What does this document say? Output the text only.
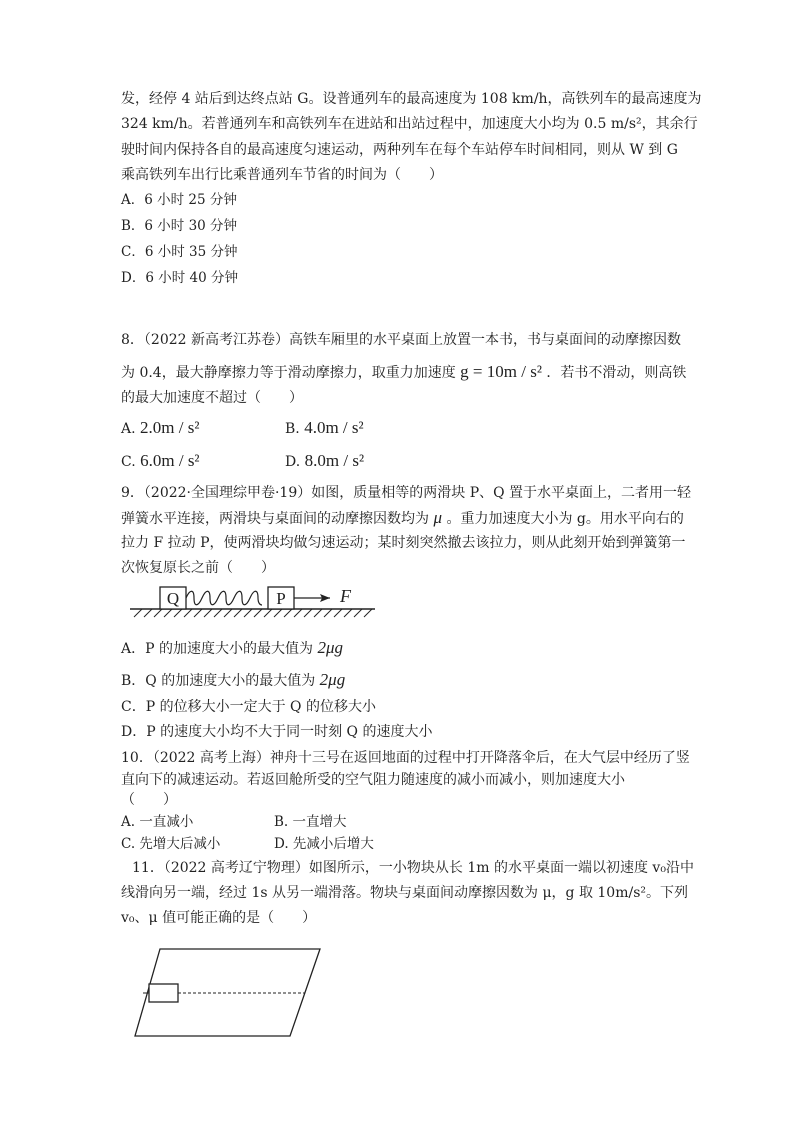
发，经停 4 站后到达终点站 G。设普通列车的最高速度为 108 km/h，高铁列车的最高速度为
324 km/h。若普通列车和高铁列车在进站和出站过程中，加速度大小均为 0.5 m/s²，其余行
驶时间内保持各自的最高速度匀速运动，两种列车在每个车站停车时间相同，则从 W 到 G
乘高铁列车出行比乘普通列车节省的时间为（　　）
A．6 小时 25 分钟
B．6 小时 30 分钟
C．6 小时 35 分钟
D．6 小时 40 分钟
8．（2022 新高考江苏卷）高铁车厢里的水平桌面上放置一本书，书与桌面间的动摩擦因数
为 0.4，最大静摩擦力等于滑动摩擦力，取重力加速度 g = 10m / s² ．若书不滑动，则高铁
的最大加速度不超过（　　）
A. 2.0m / s²	B. 4.0m / s²
C. 6.0m / s²	D. 8.0m / s²
9．（2022·全国理综甲卷·19）如图，质量相等的两滑块 P、Q 置于水平桌面上，二者用一轻
弹簧水平连接，两滑块与桌面间的动摩擦因数均为 μ 。重力加速度大小为 g。用水平向右的
拉力 F 拉动 P，使两滑块均做匀速运动；某时刻突然撤去该拉力，则从此刻开始到弹簧第一
次恢复原长之前（　　）
Q	P	F
A．P 的加速度大小的最大值为 2μg
B．Q 的加速度大小的最大值为 2μg
C．P 的位移大小一定大于 Q 的位移大小
D．P 的速度大小均不大于同一时刻 Q 的速度大小
10．（2022 高考上海）神舟十三号在返回地面的过程中打开降落伞后，在大气层中经历了竖
直向下的减速运动。若返回舱所受的空气阻力随速度的减小而减小，则加速度大小
（　　）
A. 一直减小	B. 一直增大
C. 先增大后减小	D. 先减小后增大
11．（2022 高考辽宁物理）如图所示，一小物块从长 1m 的水平桌面一端以初速度 v₀沿中
线滑向另一端，经过 1s 从另一端滑落。物块与桌面间动摩擦因数为 μ，g 取 10m/s²。下列
v₀、μ 值可能正确的是（　　）
